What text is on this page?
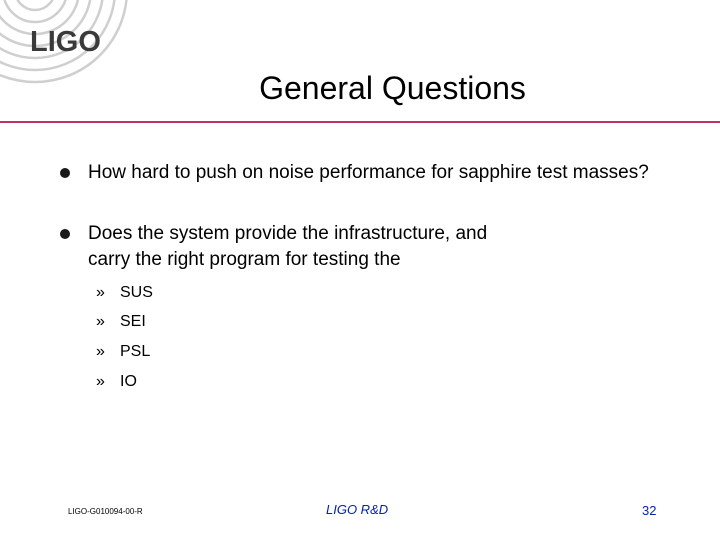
LIGO
General Questions
How hard to push on noise performance for sapphire test masses?
Does the system provide the infrastructure, and carry the right program for testing the
» SUS
» SEI
» PSL
» IO
LIGO-G010094-00-R	LIGO R&D	32
